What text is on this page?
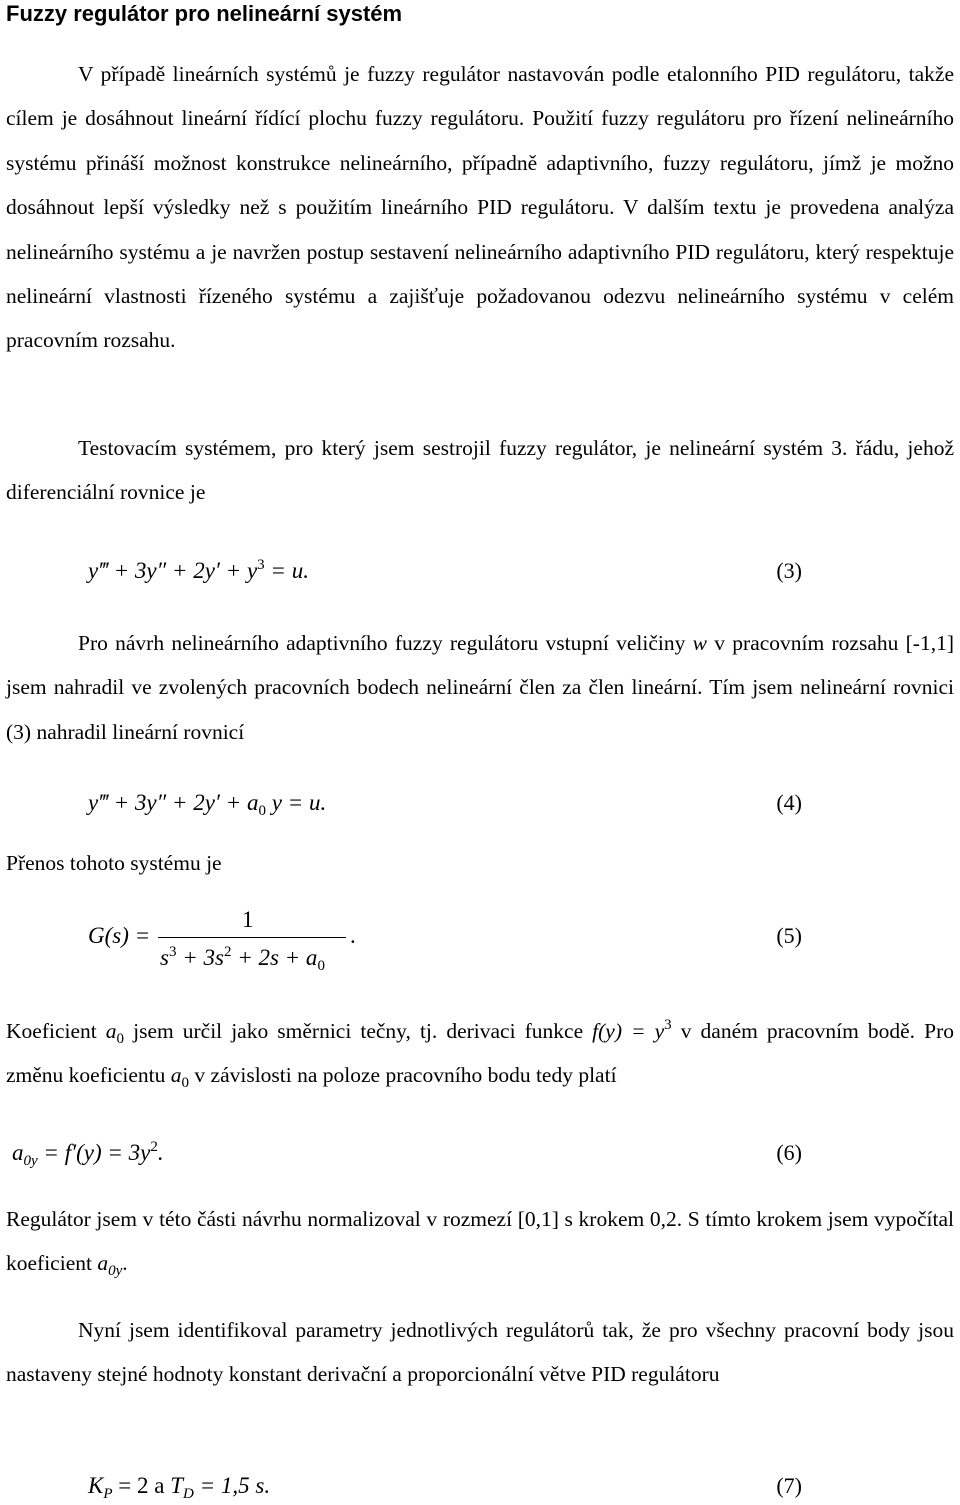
Fuzzy regulátor pro nelineární systém

V případě lineárních systémů je fuzzy regulátor nastavován podle etalonního PID regulátoru, takže cílem je dosáhnout lineární řídící plochu fuzzy regulátoru. Použití fuzzy regulátoru pro řízení nelineárního systému přináší možnost konstrukce nelineárního, případně adaptivního, fuzzy regulátoru, jímž je možno dosáhnout lepší výsledky než s použitím lineárního PID regulátoru. V dalším textu je provedena analýza nelineárního systému a je navržen postup sestavení nelineárního adaptivního PID regulátoru, který respektuje nelineární vlastnosti řízeného systému a zajišťuje požadovanou odezvu nelineárního systému v celém pracovním rozsahu.

Testovacím systémem, pro který jsem sestrojil fuzzy regulátor, je nelineární systém 3. řádu, jehož diferenciální rovnice je

y‴ + $3y'' + 2y' + y^3 = u$.	(3)

Pro návrh nelineárního adaptivního fuzzy regulátoru vstupní veličiny w v pracovním rozsahu [-1,1] jsem nahradil ve zvolených pracovních bodech nelineární člen za člen lineární. Tím jsem nelineární rovnici (3) nahradil lineární rovnicí

y‴ + $3y'' + 2y' + a_0$ y = u.	(4)

Přenos tohoto systému je

G(s) =
1
$s^3 + 3s^2 + 2s + a_0$
.	(5)

Koeficient $a_0$ jsem určil jako směrnici tečny, tj. derivaci funkce $f(y) = y^3$ v daném pracovním bodě. Pro změnu koeficientu $a_0$ v závislosti na poloze pracovního bodu tedy platí

$a_{0y} = f'(y) = 3y^2$.	(6)

Regulátor jsem v této části návrhu normalizoval v rozmezí [0,1] s krokem 0,2. S tímto krokem jsem vypočítal koeficient $a_{0y}$.

Nyní jsem identifikoval parametry jednotlivých regulátorů tak, že pro všechny pracovní body jsou nastaveny stejné hodnoty konstant derivační a proporcionální větve PID regulátoru

$K_P = 2$ a $T_D = 1,5$ s.	(7)
